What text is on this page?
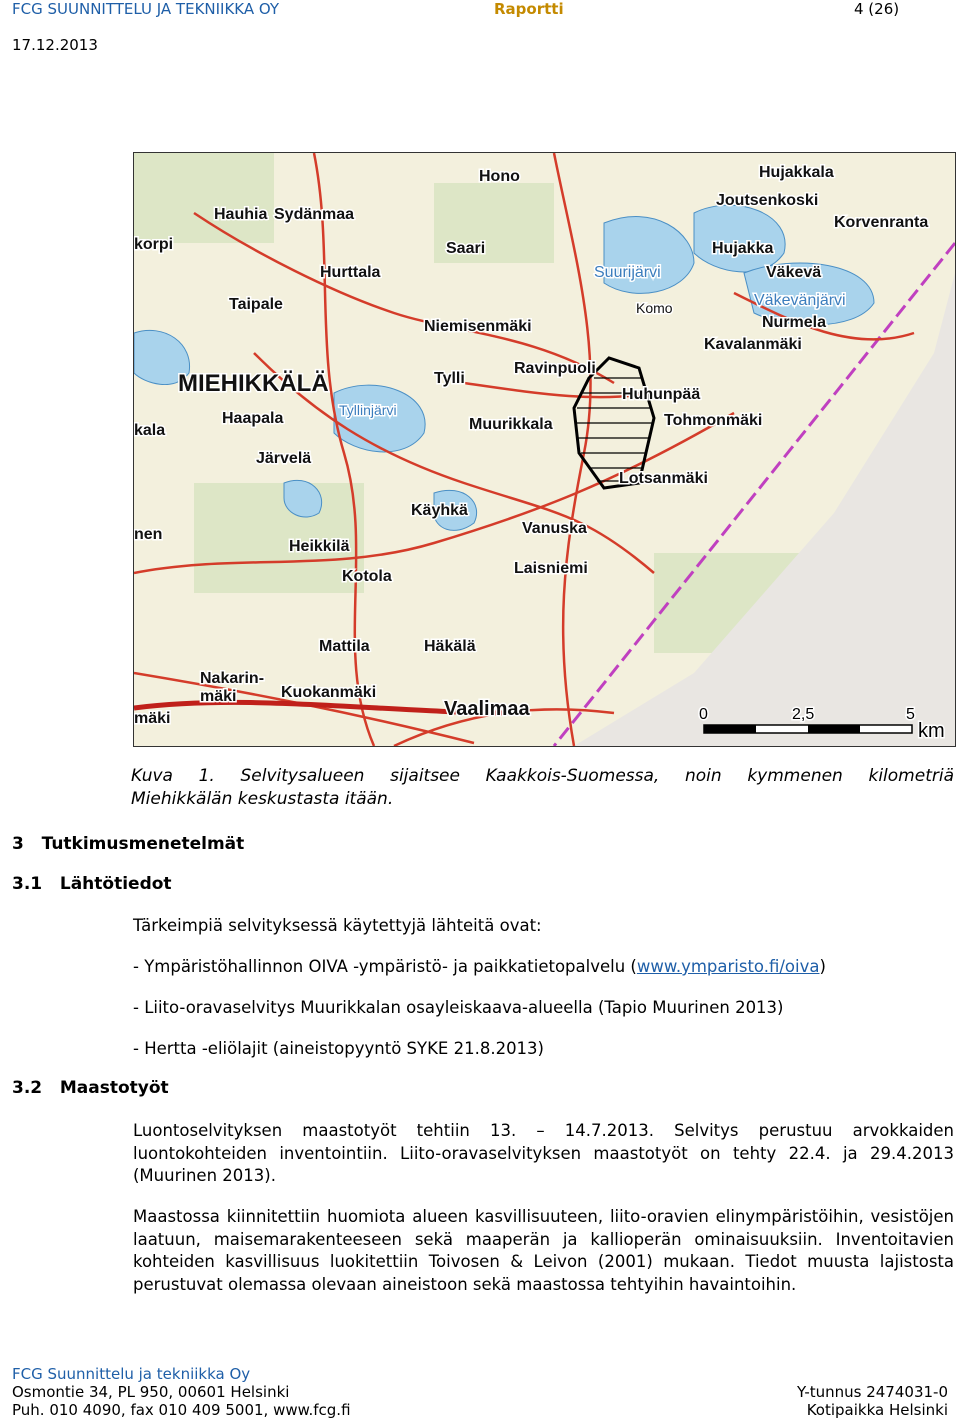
FCG SUUNNITTELU JA TEKNIIKKA OY	Raportti	4 (26)
17.12.2013
Hono	Hujakkala
Joutsenkoski
Korvenranta
Hauhia Sydänmaa
Saari	Hujakka
Hurttala	Suurijärvi	Väkevä
Komo	Väkevänjärvi
Taipale
Nurmela
Niemisenmäki
Kavalanmäki
MIEHIKKÄLÄ	Tylli
Ravinpuoli
Huhunpää
Haapala	Tyllinjärvi
Muurikkala	Tohmonmäki
Järvelä
Lotsanmäki
Käyhkä
Heikkilä
Vanuska
Kotola	Laisniemi
Mattila	Häkälä
Nakarin-
mäki	Kuokanmäki
Vaalimaa
korpi
kala
nen
mäki	0	2,5	5
km
Kuva 1. Selvitysalueen sijaitsee Kaakkois-Suomessa, noin kymmenen kilometriä
Miehikkälän keskustasta itään.
3   Tutkimusmenetelmät
3.1   Lähtötiedot
Tärkeimpiä selvityksessä käytettyjä lähteitä ovat:
- Ympäristöhallinnon OIVA -ympäristö- ja paikkatietopalvelu (www.ymparisto.fi/oiva)
- Liito-oravaselvitys Muurikkalan osayleiskaava-alueella (Tapio Muurinen 2013)
- Hertta -eliölajit (aineistopyyntö SYKE 21.8.2013)
3.2   Maastotyöt
Luontoselvityksen maastotyöt tehtiin 13. – 14.7.2013. Selvitys perustuu arvokkaiden luontokohteiden inventointiin. Liito-oravaselvityksen maastotyöt on tehty 22.4. ja 29.4.2013 (Muurinen 2013).
Maastossa kiinnitettiin huomiota alueen kasvillisuuteen, liito-oravien elinympäristöihin, vesistöjen laatuun, maisemarakenteeseen sekä maaperän ja kallioperän ominaisuuksiin. Inventoitavien kohteiden kasvillisuus luokitettiin Toivosen & Leivon (2001) mukaan. Tiedot muusta lajistosta perustuvat olemassa olevaan aineistoon sekä maastossa tehtyihin havaintoihin.
FCG Suunnittelu ja tekniikka Oy
Osmontie 34, PL 950, 00601 Helsinki
Puh. 010 4090, fax 010 409 5001, www.fcg.fi
Y-tunnus 2474031-0
Kotipaikka Helsinki
